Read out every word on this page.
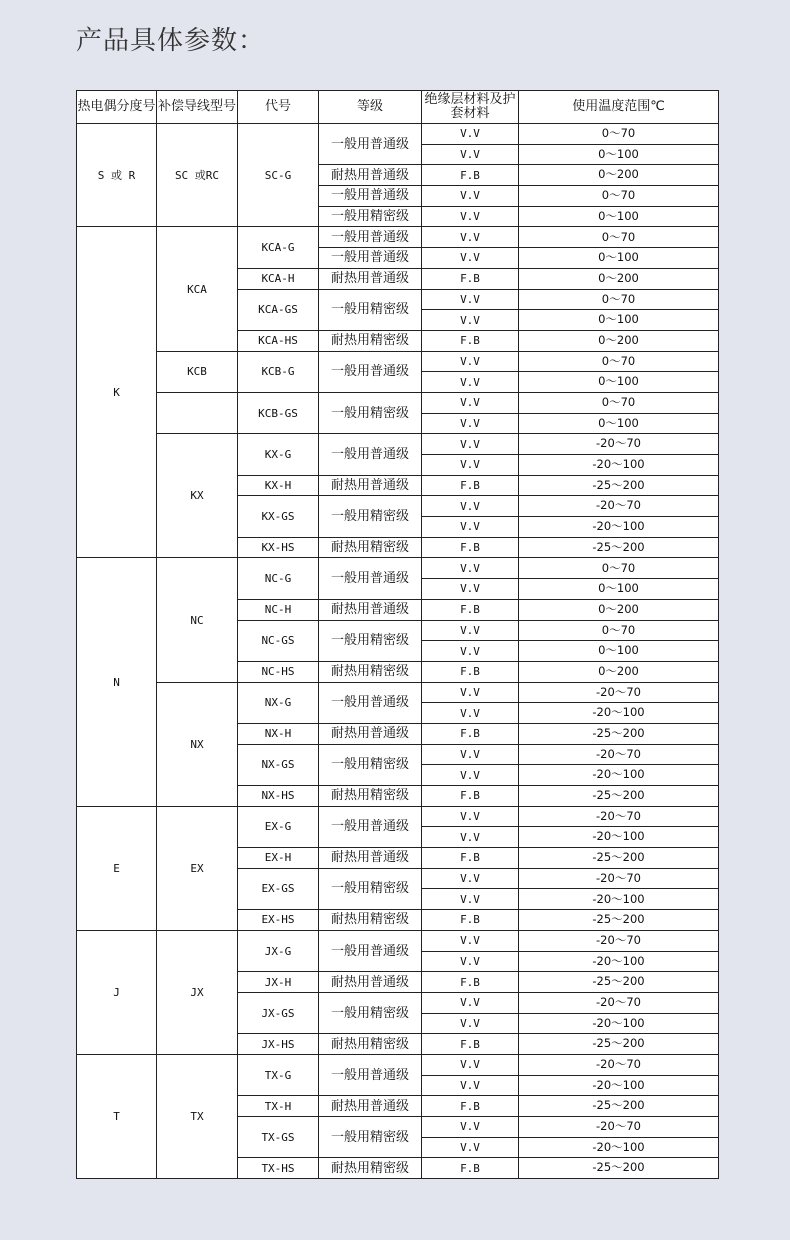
产品具体参数：
热电偶分度号	补偿导线型号	代号	等级	绝缘层材料及护套材料	使用温度范围℃
S 或 R	SC 或RC	SC-G	一般用普通级	V.V	0～70
				V.V	0～100
			耐热用普通级	F.B	0～200
			一般用普通级	V.V	0～70
			一般用精密级	V.V	0～100
K	KCA	KCA-G	一般用普通级	V.V	0～70
			一般用普通级	V.V	0～100
		KCA-H	耐热用普通级	F.B	0～200
		KCA-GS	一般用精密级	V.V	0～70
				V.V	0～100
		KCA-HS	耐热用精密级	F.B	0～200
	KCB	KCB-G	一般用普通级	V.V	0～70
				V.V	0～100
		KCB-GS	一般用精密级	V.V	0～70
				V.V	0～100
	KX	KX-G	一般用普通级	V.V	-20～70
				V.V	-20～100
		KX-H	耐热用普通级	F.B	-25～200
		KX-GS	一般用精密级	V.V	-20～70
				V.V	-20～100
		KX-HS	耐热用精密级	F.B	-25～200
N	NC	NC-G	一般用普通级	V.V	0～70
				V.V	0～100
		NC-H	耐热用普通级	F.B	0～200
		NC-GS	一般用精密级	V.V	0～70
				V.V	0～100
		NC-HS	耐热用精密级	F.B	0～200
	NX	NX-G	一般用普通级	V.V	-20～70
				V.V	-20～100
		NX-H	耐热用普通级	F.B	-25～200
		NX-GS	一般用精密级	V.V	-20～70
				V.V	-20～100
		NX-HS	耐热用精密级	F.B	-25～200
E	EX	EX-G	一般用普通级	V.V	-20～70
				V.V	-20～100
		EX-H	耐热用普通级	F.B	-25～200
		EX-GS	一般用精密级	V.V	-20～70
				V.V	-20～100
		EX-HS	耐热用精密级	F.B	-25～200
J	JX	JX-G	一般用普通级	V.V	-20～70
				V.V	-20～100
		JX-H	耐热用普通级	F.B	-25～200
		JX-GS	一般用精密级	V.V	-20～70
				V.V	-20～100
		JX-HS	耐热用精密级	F.B	-25～200
T	TX	TX-G	一般用普通级	V.V	-20～70
				V.V	-20～100
		TX-H	耐热用普通级	F.B	-25～200
		TX-GS	一般用精密级	V.V	-20～70
				V.V	-20～100
		TX-HS	耐热用精密级	F.B	-25～200
